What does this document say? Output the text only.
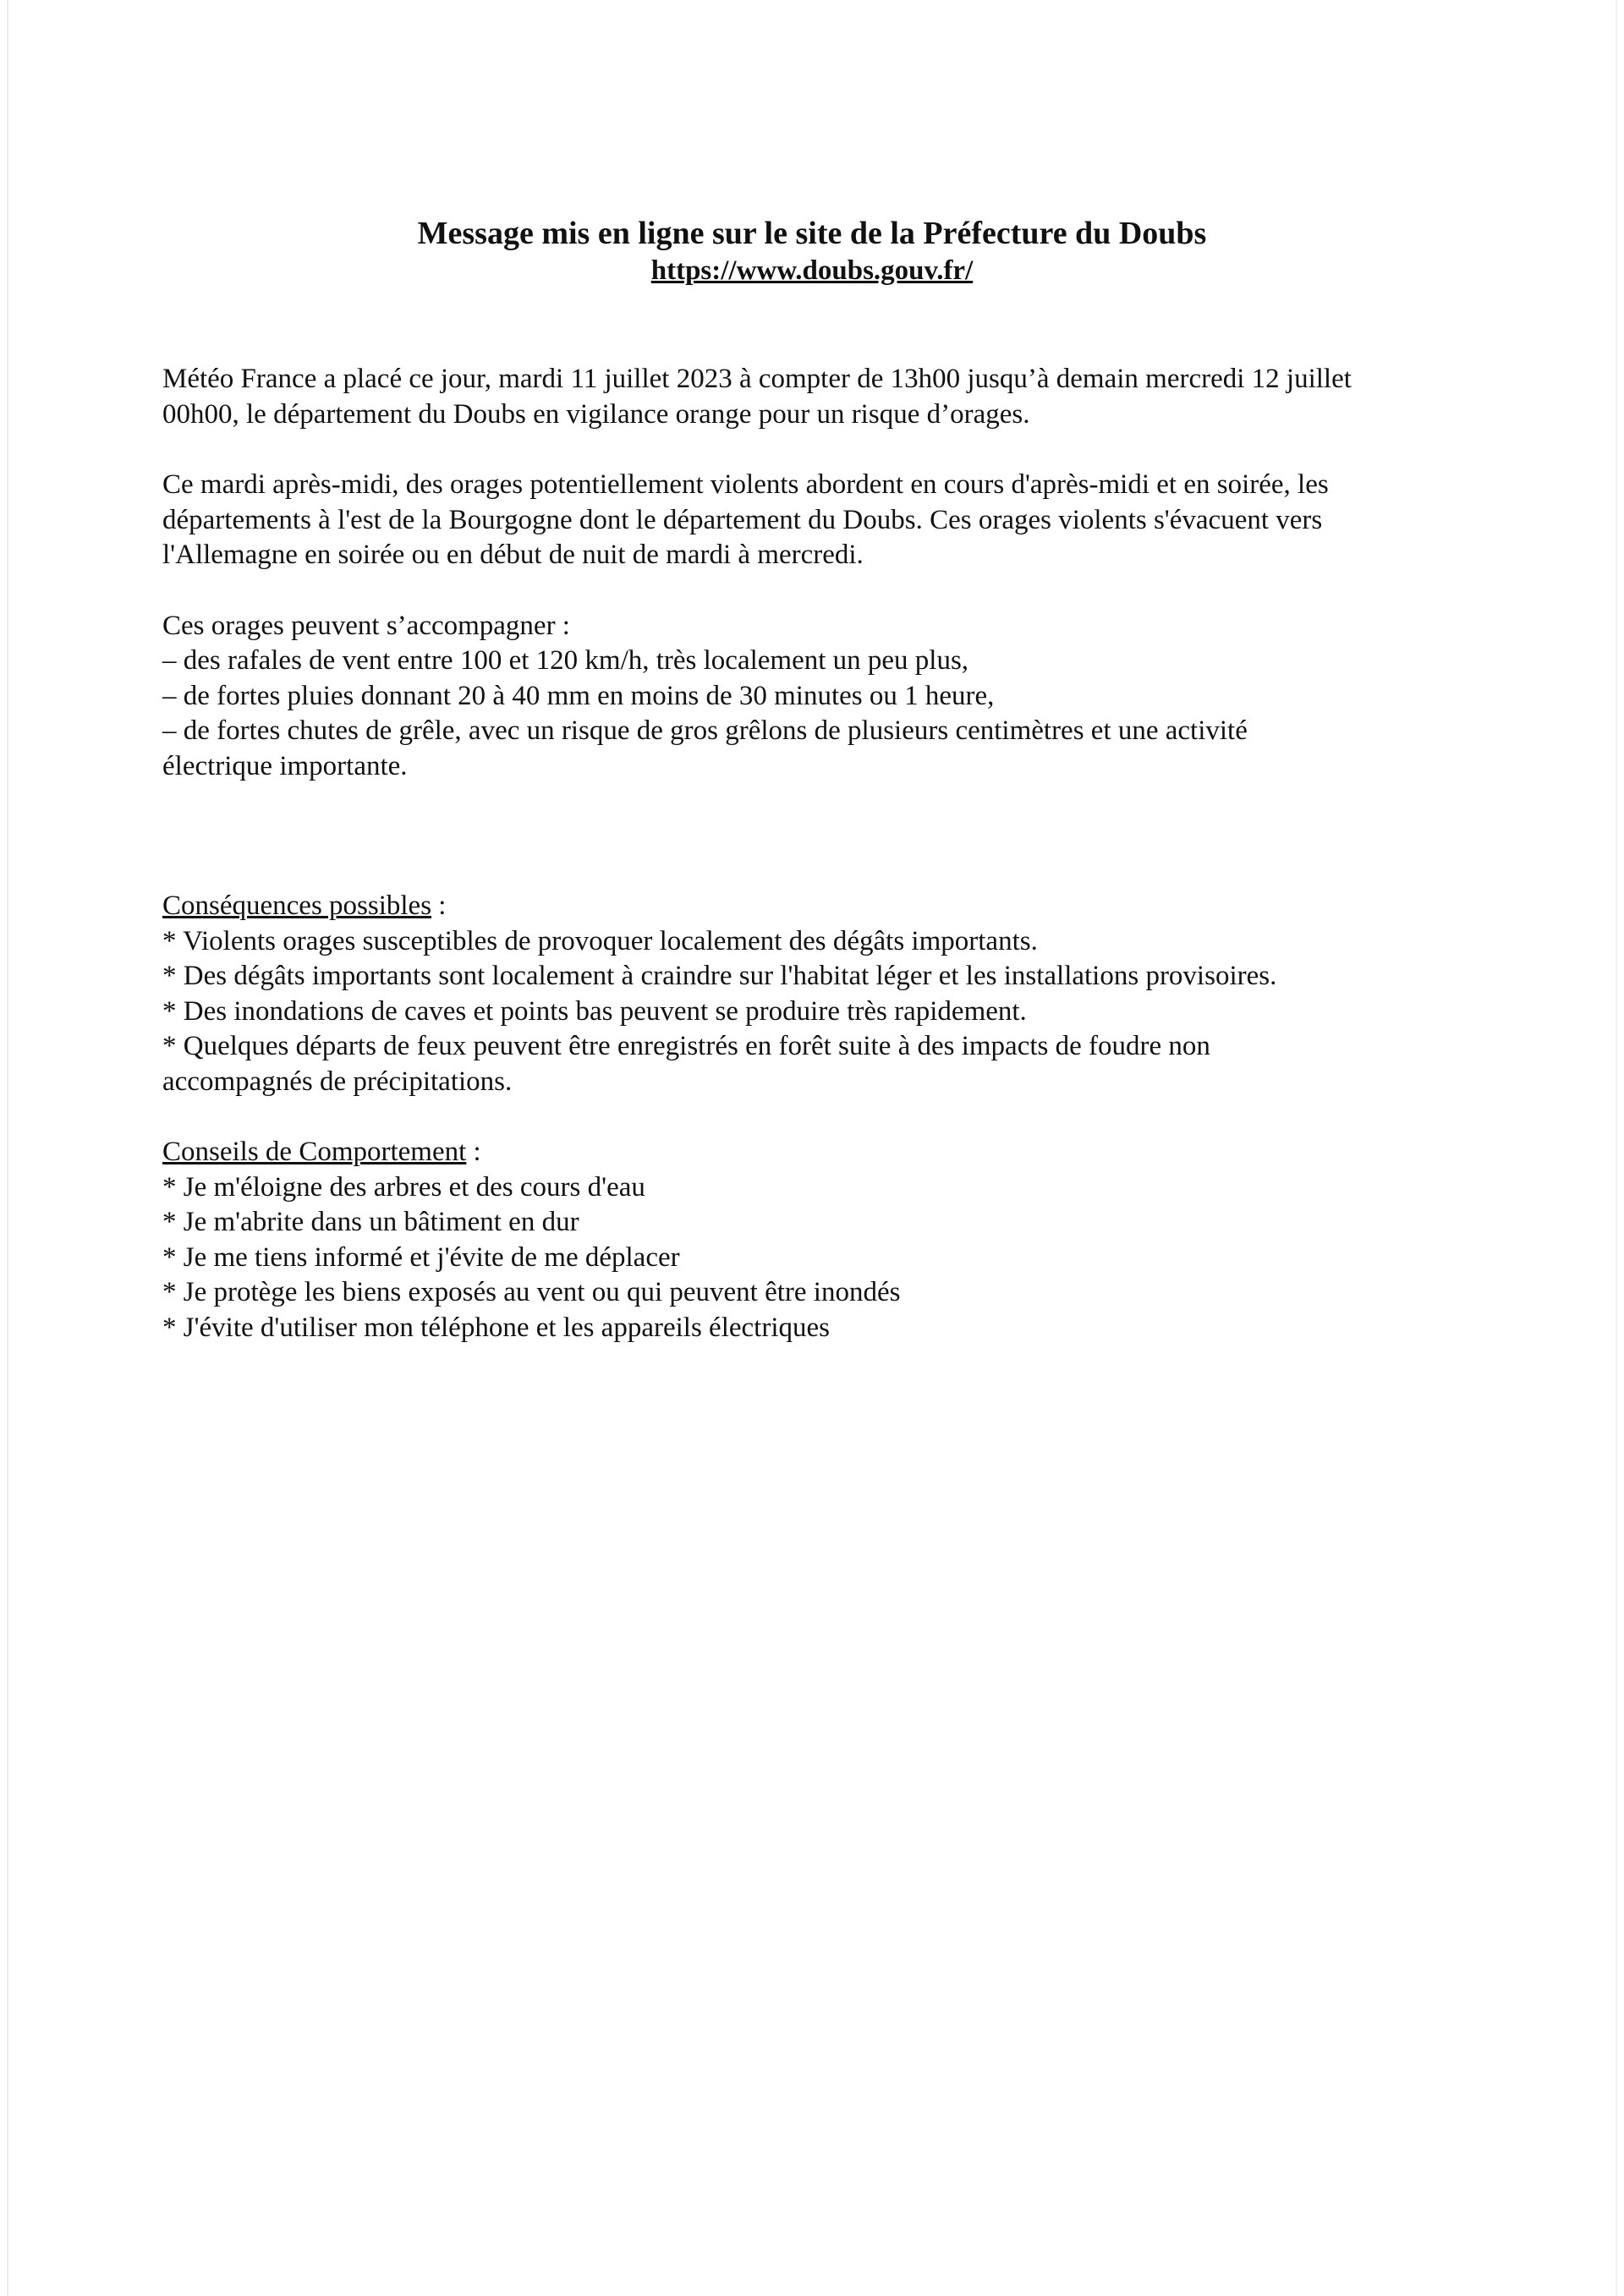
Message mis en ligne sur le site de la Préfecture du Doubs

https://www.doubs.gouv.fr/

Météo France a placé ce jour, mardi 11 juillet 2023 à compter de 13h00 jusqu’à demain mercredi 12 juillet
00h00, le département du Doubs en vigilance orange pour un risque d’orages.

Ce mardi après-midi, des orages potentiellement violents abordent en cours d'après-midi et en soirée, les
départements à l'est de la Bourgogne dont le département du Doubs. Ces orages violents s'évacuent vers
l'Allemagne en soirée ou en début de nuit de mardi à mercredi.

Ces orages peuvent s’accompagner :
– des rafales de vent entre 100 et 120 km/h, très localement un peu plus,
– de fortes pluies donnant 20 à 40 mm en moins de 30 minutes ou 1 heure,
– de fortes chutes de grêle, avec un risque de gros grêlons de plusieurs centimètres et une activité
électrique importante.

Conséquences possibles :
* Violents orages susceptibles de provoquer localement des dégâts importants.
* Des dégâts importants sont localement à craindre sur l'habitat léger et les installations provisoires.
* Des inondations de caves et points bas peuvent se produire très rapidement.
* Quelques départs de feux peuvent être enregistrés en forêt suite à des impacts de foudre non
accompagnés de précipitations.

Conseils de Comportement :
* Je m'éloigne des arbres et des cours d'eau
* Je m'abrite dans un bâtiment en dur
* Je me tiens informé et j'évite de me déplacer
* Je protège les biens exposés au vent ou qui peuvent être inondés
* J'évite d'utiliser mon téléphone et les appareils électriques
